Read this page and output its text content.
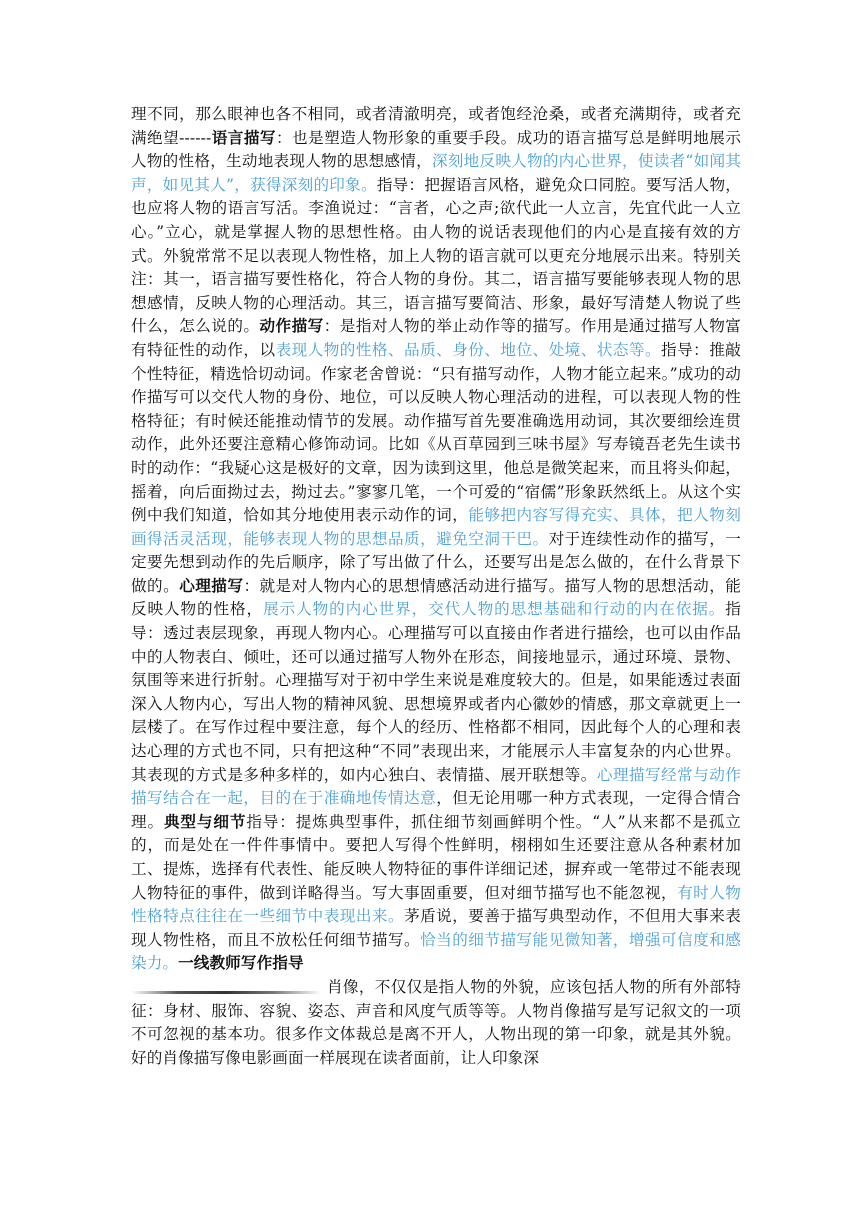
理不同，那么眼神也各不相同，或者清澈明亮，或者饱经沧桑，或者充满期待，或者充满绝望------语言描写：也是塑造人物形象的重要手段。成功的语言描写总是鲜明地展示人物的性格，生动地表现人物的思想感情，深刻地反映人物的内心世界，使读者“如闻其声，如见其人”，获得深刻的印象。指导：把握语言风格，避免众口同腔。要写活人物，也应将人物的语言写活。李渔说过：“言者，心之声;欲代此一人立言，先宜代此一人立心。”立心，就是掌握人物的思想性格。由人物的说话表现他们的内心是直接有效的方式。外貌常常不足以表现人物性格，加上人物的语言就可以更充分地展示出来。特别关注：其一，语言描写要性格化，符合人物的身份。其二，语言描写要能够表现人物的思想感情，反映人物的心理活动。其三，语言描写要简洁、形象，最好写清楚人物说了些什么，怎么说的。动作描写：是指对人物的举止动作等的描写。作用是通过描写人物富有特征性的动作，以表现人物的性格、品质、身份、地位、处境、状态等。指导：推敲个性特征，精选恰切动词。作家老舍曾说：“只有描写动作，人物才能立起来。”成功的动作描写可以交代人物的身份、地位，可以反映人物心理活动的进程，可以表现人物的性格特征；有时候还能推动情节的发展。动作描写首先要准确选用动词，其次要细绘连贯动作，此外还要注意精心修饰动词。比如《从百草园到三味书屋》写寿镜吾老先生读书时的动作：“我疑心这是极好的文章，因为读到这里，他总是微笑起来，而且将头仰起，摇着，向后面拗过去，拗过去。”寥寥几笔，一个可爱的“宿儒”形象跃然纸上。从这个实例中我们知道，恰如其分地使用表示动作的词，能够把内容写得充实、具体，把人物刻画得活灵活现，能够表现人物的思想品质，避免空洞干巴。对于连续性动作的描写，一定要先想到动作的先后顺序，除了写出做了什么，还要写出是怎么做的，在什么背景下做的。心理描写：就是对人物内心的思想情感活动进行描写。描写人物的思想活动，能反映人物的性格，展示人物的内心世界，交代人物的思想基础和行动的内在依据。指导：透过表层现象，再现人物内心。心理描写可以直接由作者进行描绘，也可以由作品中的人物表白、倾吐，还可以通过描写人物外在形态，间接地显示，通过环境、景物、氛围等来进行折射。心理描写对于初中学生来说是难度较大的。但是，如果能透过表面深入人物内心，写出人物的精神风貌、思想境界或者内心徽妙的情感，那文章就更上一层楼了。在写作过程中要注意，每个人的经历、性格都不相同，因此每个人的心理和表达心理的方式也不同，只有把这种“不同”表现出来，才能展示人丰富复杂的内心世界。其表现的方式是多种多样的，如内心独白、表情描、展开联想等。心理描写经常与动作描写结合在一起，目的在于准确地传情达意，但无论用哪一种方式表现，一定得合情合理。典型与细节指导：提炼典型事件，抓住细节刻画鲜明个性。“人”从来都不是孤立的，而是处在一件件事情中。要把人写得个性鲜明，栩栩如生还要注意从各种素材加工、提炼，选择有代表性、能反映人物特征的事件详细记述，摒弃或一笔带过不能表现人物特征的事件，做到详略得当。写大事固重要，但对细节描写也不能忽视，有时人物性格特点往往在一些细节中表现出来。茅盾说，要善于描写典型动作，不但用大事来表现人物性格，而且不放松任何细节描写。恰当的细节描写能见微知著，增强可信度和感染力。一线教师写作指导

肖像，不仅仅是指人物的外貌，应该包括人物的所有外部特征：身材、服饰、容貌、姿态、声音和风度气质等等。人物肖像描写是写记叙文的一项不可忽视的基本功。很多作文体裁总是离不开人，人物出现的第一印象，就是其外貌。好的肖像描写像电影画面一样展现在读者面前，让人印象深
